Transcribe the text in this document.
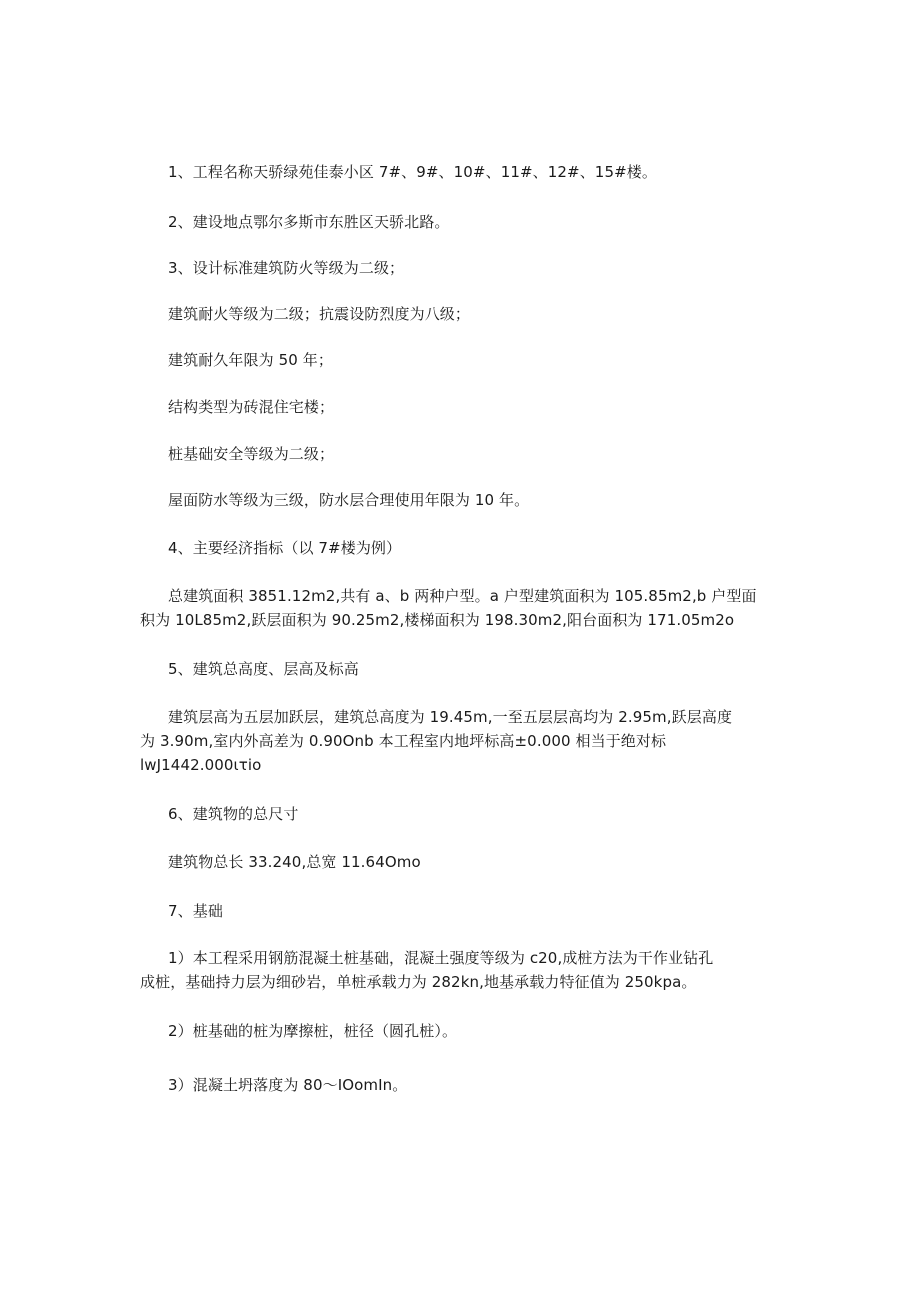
1、工程名称天骄绿苑佳泰小区 7#、9#、10#、11#、12#、15#楼。
2、建设地点鄂尔多斯市东胜区天骄北路。
3、设计标准建筑防火等级为二级；
建筑耐火等级为二级；抗震设防烈度为八级；
建筑耐久年限为 50 年；
结构类型为砖混住宅楼；
桩基础安全等级为二级；
屋面防水等级为三级，防水层合理使用年限为 10 年。
4、主要经济指标（以 7#楼为例）
总建筑面积 3851.12m2,共有 a、b 两种户型。a 户型建筑面积为 105.85m2,b 户型面
积为 10L85m2,跃层面积为 90.25m2,楼梯面积为 198.30m2,阳台面积为 171.05m2o
5、建筑总高度、层高及标高
建筑层高为五层加跃层，建筑总高度为 19.45m,一至五层层高均为 2.95m,跃层高度
为 3.90m,室内外高差为 0.90Onb 本工程室内地坪标高±0.000 相当于绝对标
lwJ1442.000ιτio
6、建筑物的总尺寸
建筑物总长 33.240,总宽 11.64Omo
7、基础
1）本工程采用钢筋混凝土桩基础，混凝土强度等级为 c20,成桩方法为干作业钻孔
成桩，基础持力层为细砂岩，单桩承载力为 282kn,地基承载力特征值为 250kpa。
2）桩基础的桩为摩擦桩，桩径（圆孔桩）。
3）混凝土坍落度为 80～IOomIn。
